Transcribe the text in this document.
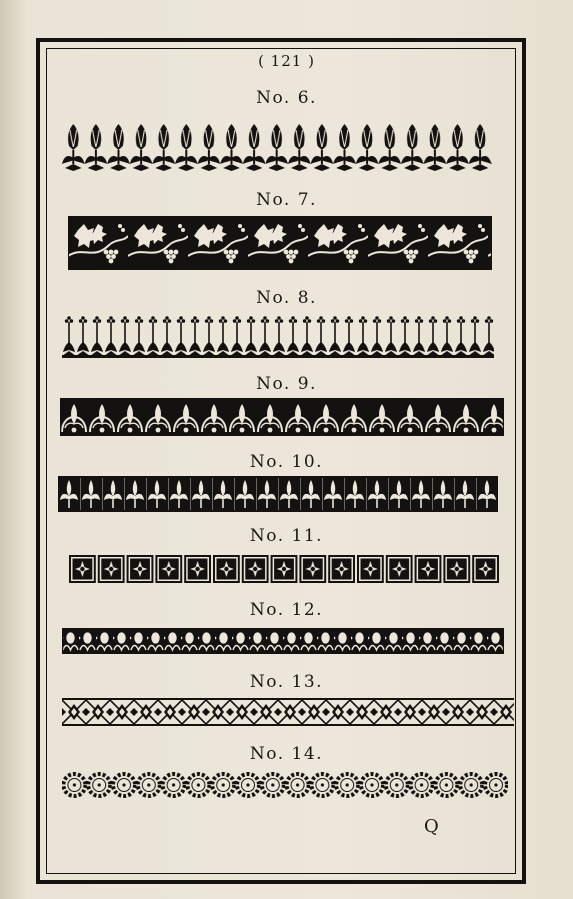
( 121 )
No. 6.
No. 7.
No. 8.
No. 9.
No. 10.
No. 11.
No. 12.
No. 13.
No. 14.
Q
